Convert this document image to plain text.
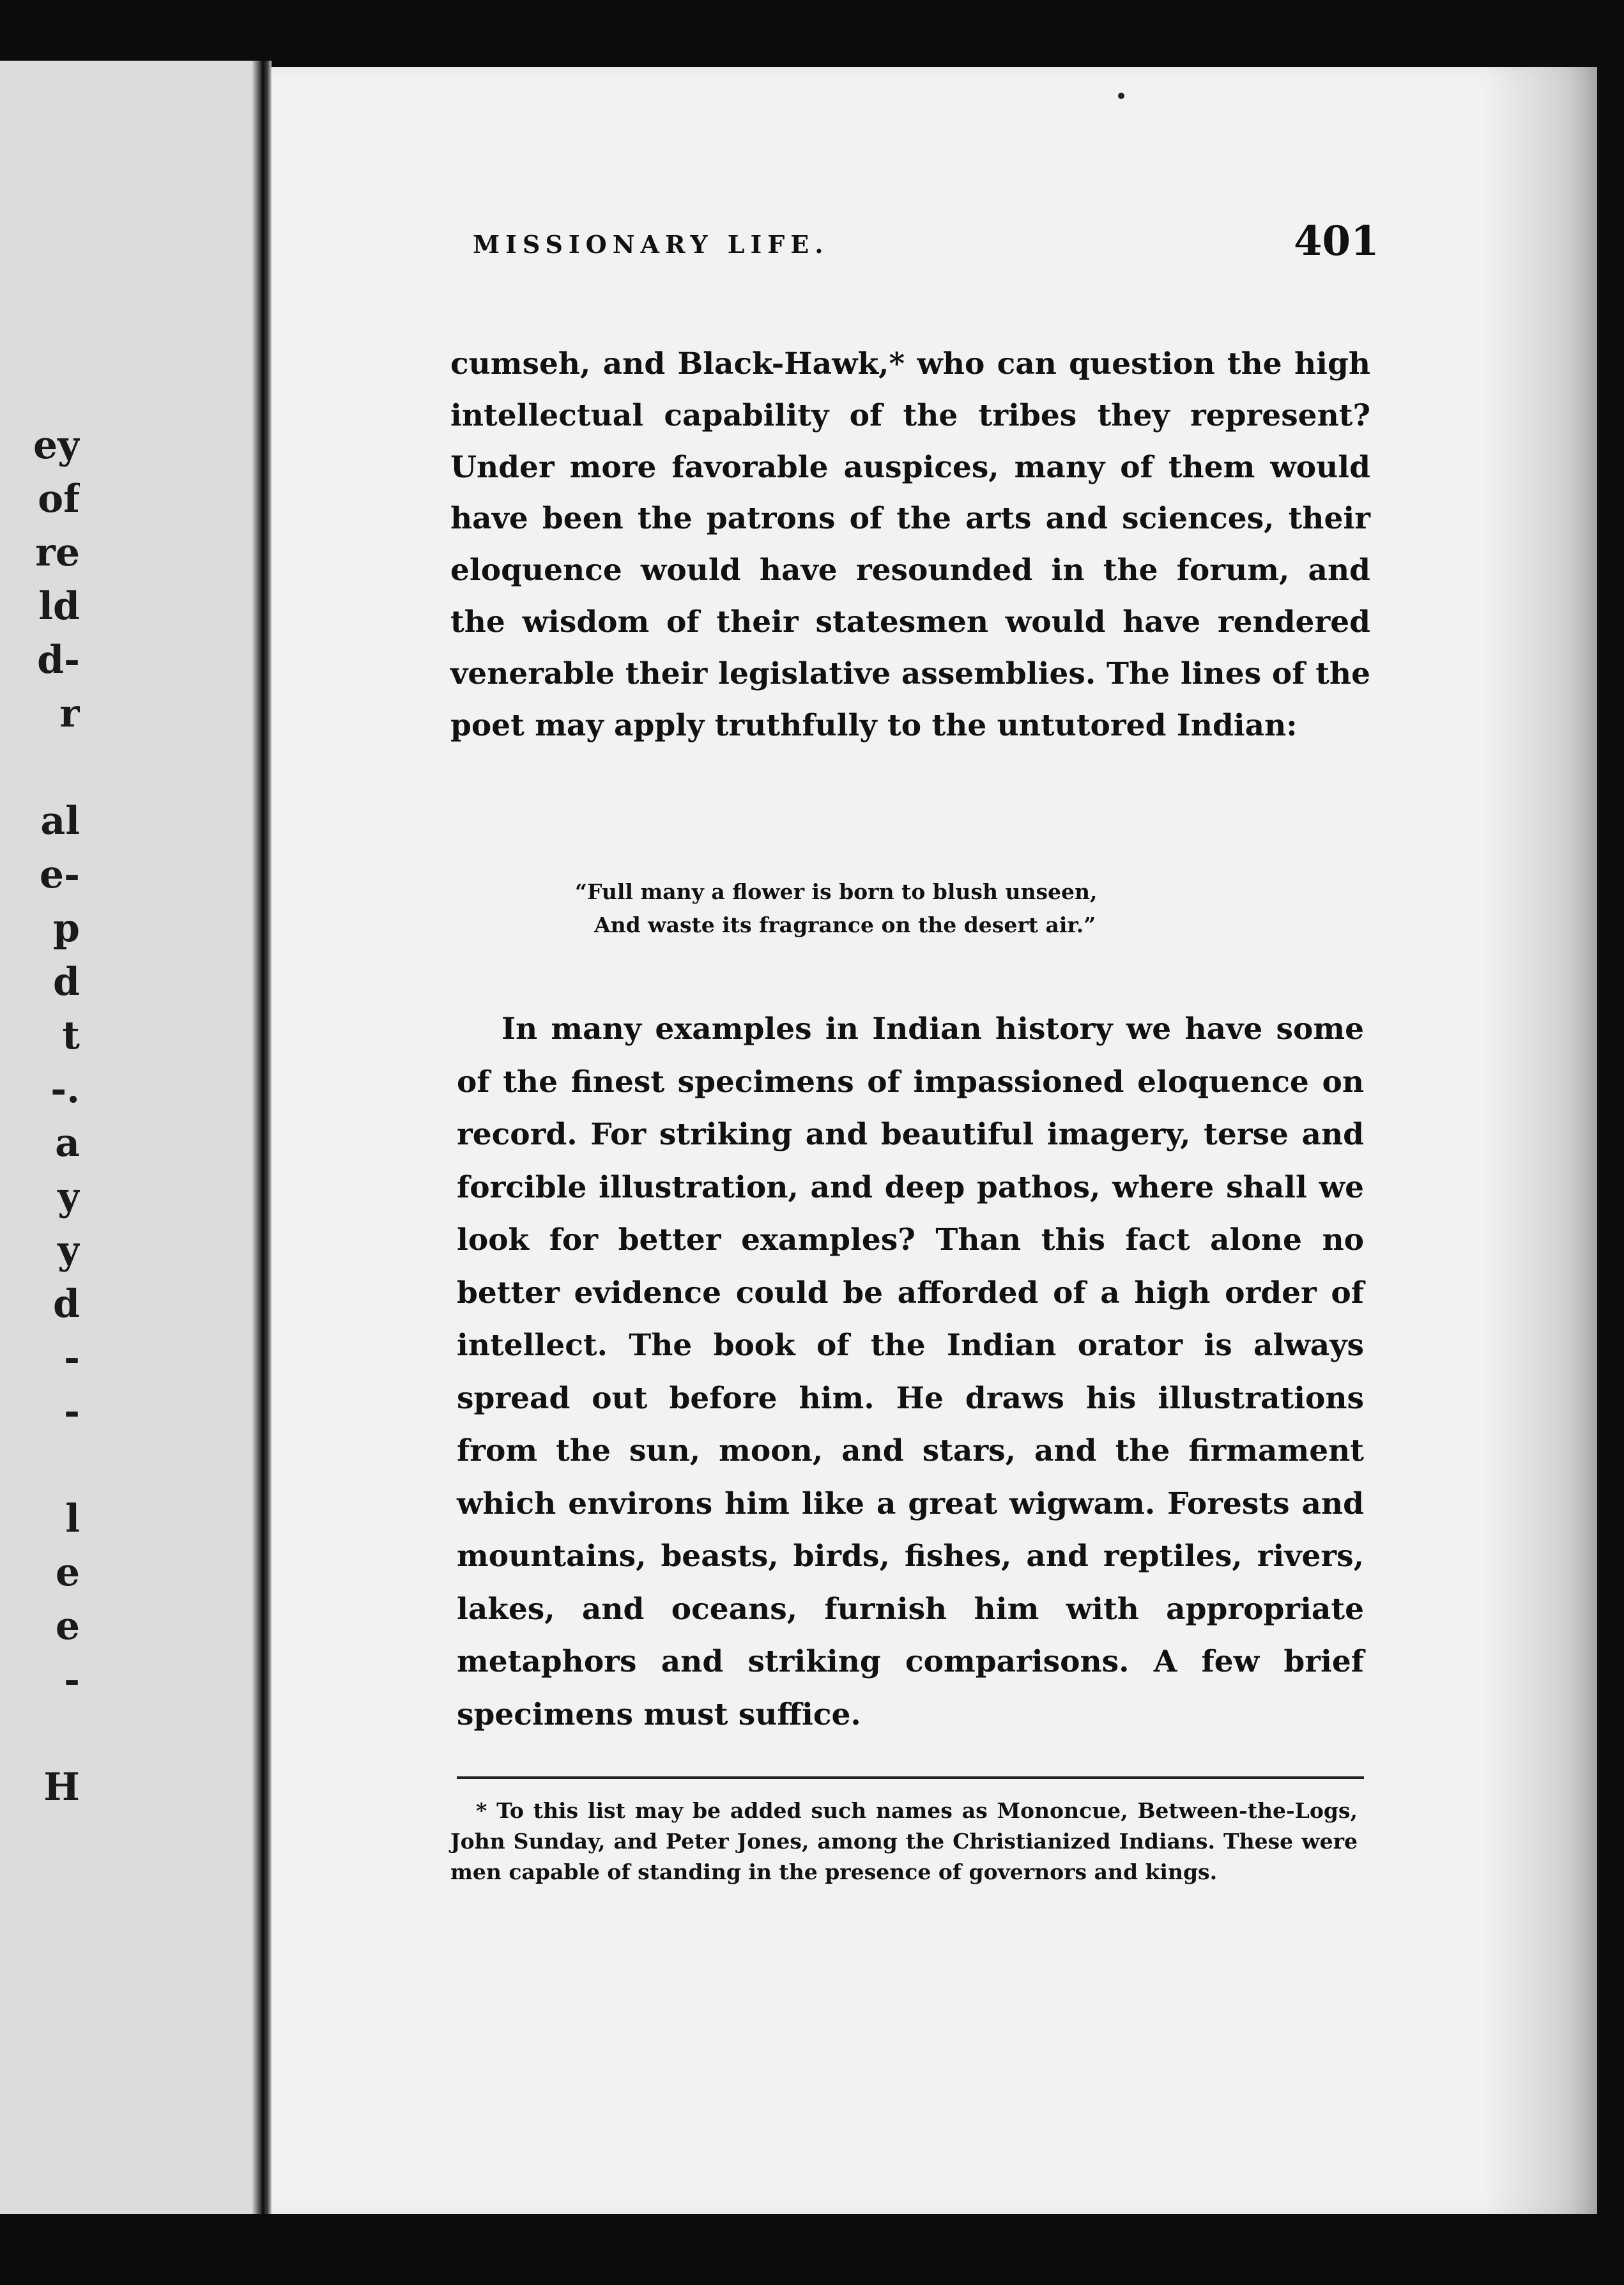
ey
of
re
ld
d-
r
al
e-
p
d
t
-.
a
y
y
d
-
-
l
e
e
-
H
MISSIONARY LIFE.	401

cumseh, and Black-Hawk,* who can question the high intellectual capability of the tribes they represent? Under more favorable auspices, many of them would have been the patrons of the arts and sciences, their eloquence would have resounded in the forum, and the wisdom of their statesmen would have rendered venerable their legislative assemblies. The lines of the poet may apply truthfully to the untutored Indian:

“Full many a flower is born to blush unseen,
And waste its fragrance on the desert air.”

In many examples in Indian history we have some of the finest specimens of impassioned eloquence on record. For striking and beautiful imagery, terse and forcible illustration, and deep pathos, where shall we look for better examples? Than this fact alone no better evidence could be afforded of a high order of intellect. The book of the Indian orator is always spread out before him. He draws his illustrations from the sun, moon, and stars, and the firmament which environs him like a great wigwam. Forests and mountains, beasts, birds, fishes, and reptiles, rivers, lakes, and oceans, furnish him with appropriate metaphors and striking comparisons. A few brief specimens must suffice.

* To this list may be added such names as Mononcue, Between-the-Logs, John Sunday, and Peter Jones, among the Christianized Indians. These were men capable of standing in the presence of governors and kings.
